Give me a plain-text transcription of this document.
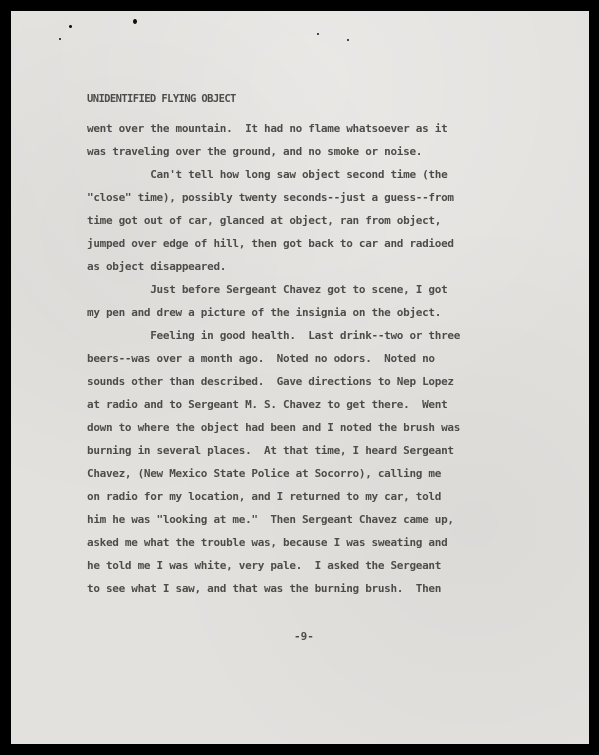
UNIDENTIFIED FLYING OBJECT

went over the mountain.  It had no flame whatsoever as it

was traveling over the ground, and no smoke or noise.

Can't tell how long saw object second time (the

"close" time), possibly twenty seconds--just a guess--from

time got out of car, glanced at object, ran from object,

jumped over edge of hill, then got back to car and radioed

as object disappeared.

Just before Sergeant Chavez got to scene, I got

my pen and drew a picture of the insignia on the object.

Feeling in good health.  Last drink--two or three

beers--was over a month ago.  Noted no odors.  Noted no

sounds other than described.  Gave directions to Nep Lopez

at radio and to Sergeant M. S. Chavez to get there.  Went

down to where the object had been and I noted the brush was

burning in several places.  At that time, I heard Sergeant

Chavez, (New Mexico State Police at Socorro), calling me

on radio for my location, and I returned to my car, told

him he was "looking at me."  Then Sergeant Chavez came up,

asked me what the trouble was, because I was sweating and

he told me I was white, very pale.  I asked the Sergeant

to see what I saw, and that was the burning brush.  Then

-9-
